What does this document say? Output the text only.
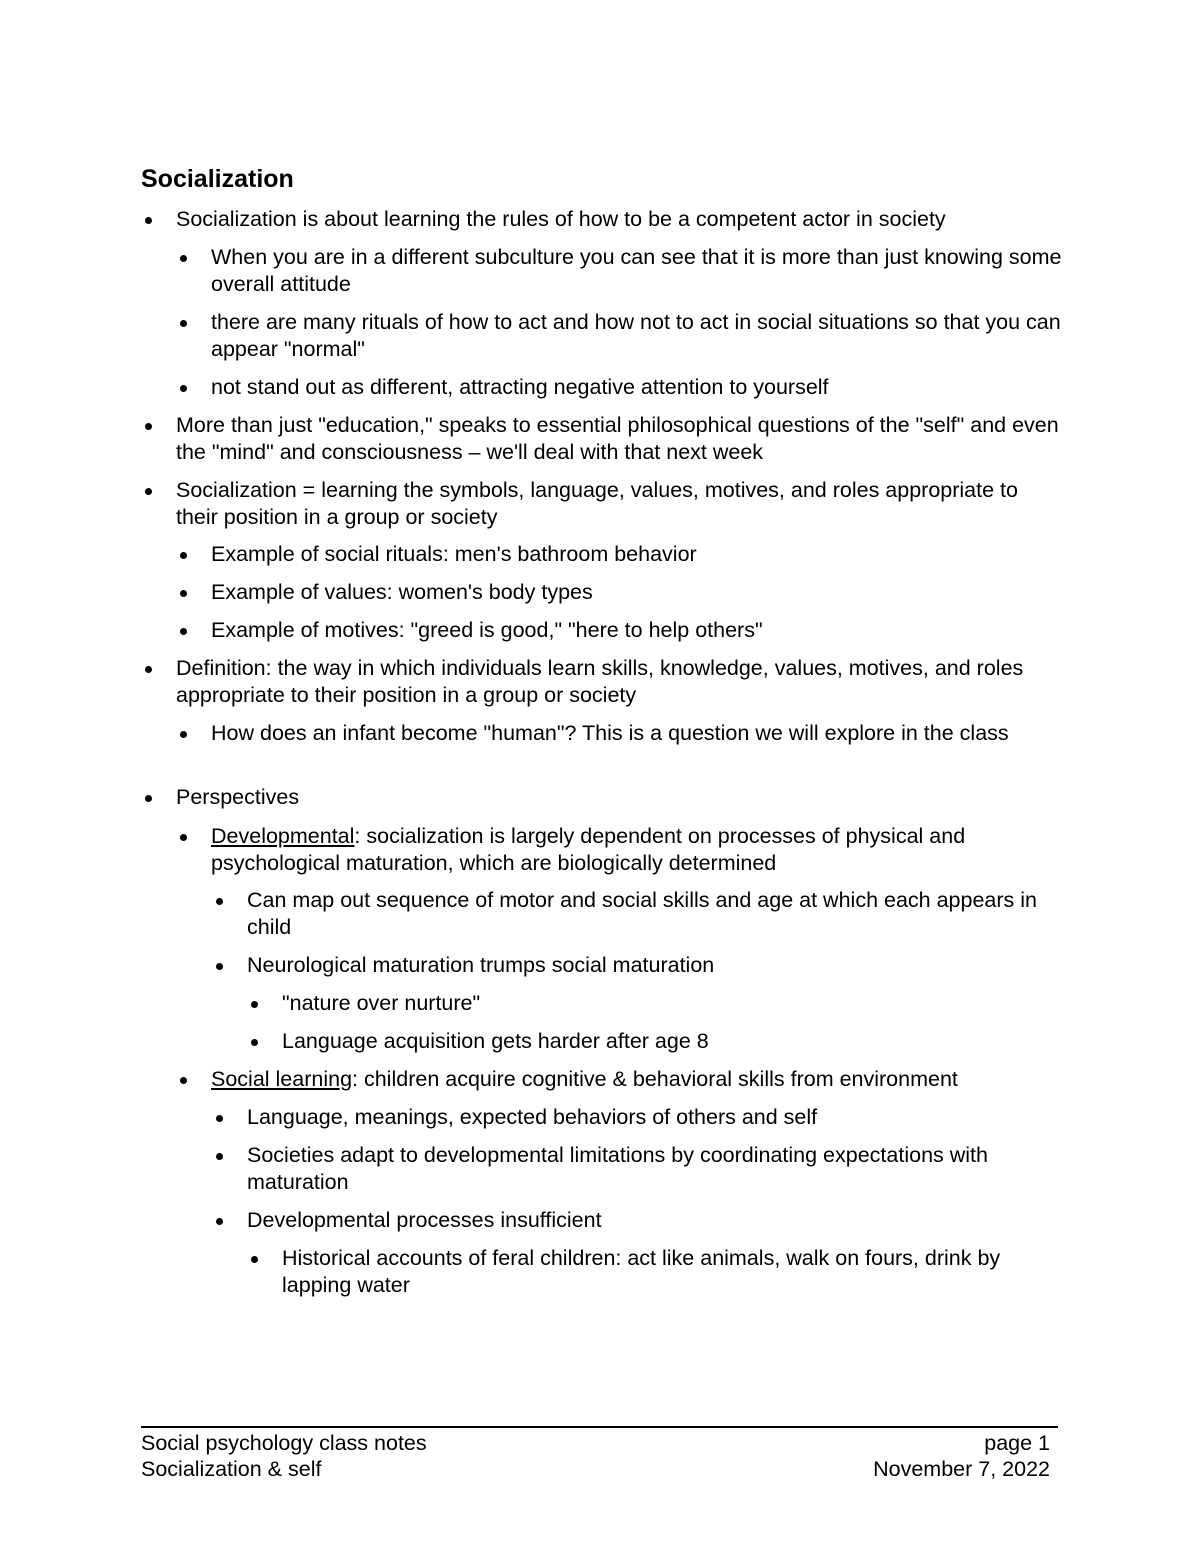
Socialization
Socialization is about learning the rules of how to be a competent actor in society
When you are in a different subculture you can see that it is more than just knowing some overall attitude
there are many rituals of how to act and how not to act in social situations so that you can appear "normal"
not stand out as different, attracting negative attention to yourself
More than just "education," speaks to essential philosophical questions of the "self" and even the "mind" and consciousness – we'll deal with that next week
Socialization = learning the symbols, language, values, motives, and roles appropriate to their position in a group or society
Example of social rituals: men's bathroom behavior
Example of values: women's body types
Example of motives: "greed is good," "here to help others"
Definition: the way in which individuals learn skills, knowledge, values, motives, and roles appropriate to their position in a group or society
How does an infant become "human"? This is a question we will explore in the class
Perspectives
Developmental: socialization is largely dependent on processes of physical and psychological maturation, which are biologically determined
Can map out sequence of motor and social skills and age at which each appears in child
Neurological maturation trumps social maturation
"nature over nurture"
Language acquisition gets harder after age 8
Social learning: children acquire cognitive & behavioral skills from environment
Language, meanings, expected behaviors of others and self
Societies adapt to developmental limitations by coordinating expectations with maturation
Developmental processes insufficient
Historical accounts of feral children: act like animals, walk on fours, drink by lapping water
Social psychology class notes
Socialization & self
page 1
November 7, 2022
